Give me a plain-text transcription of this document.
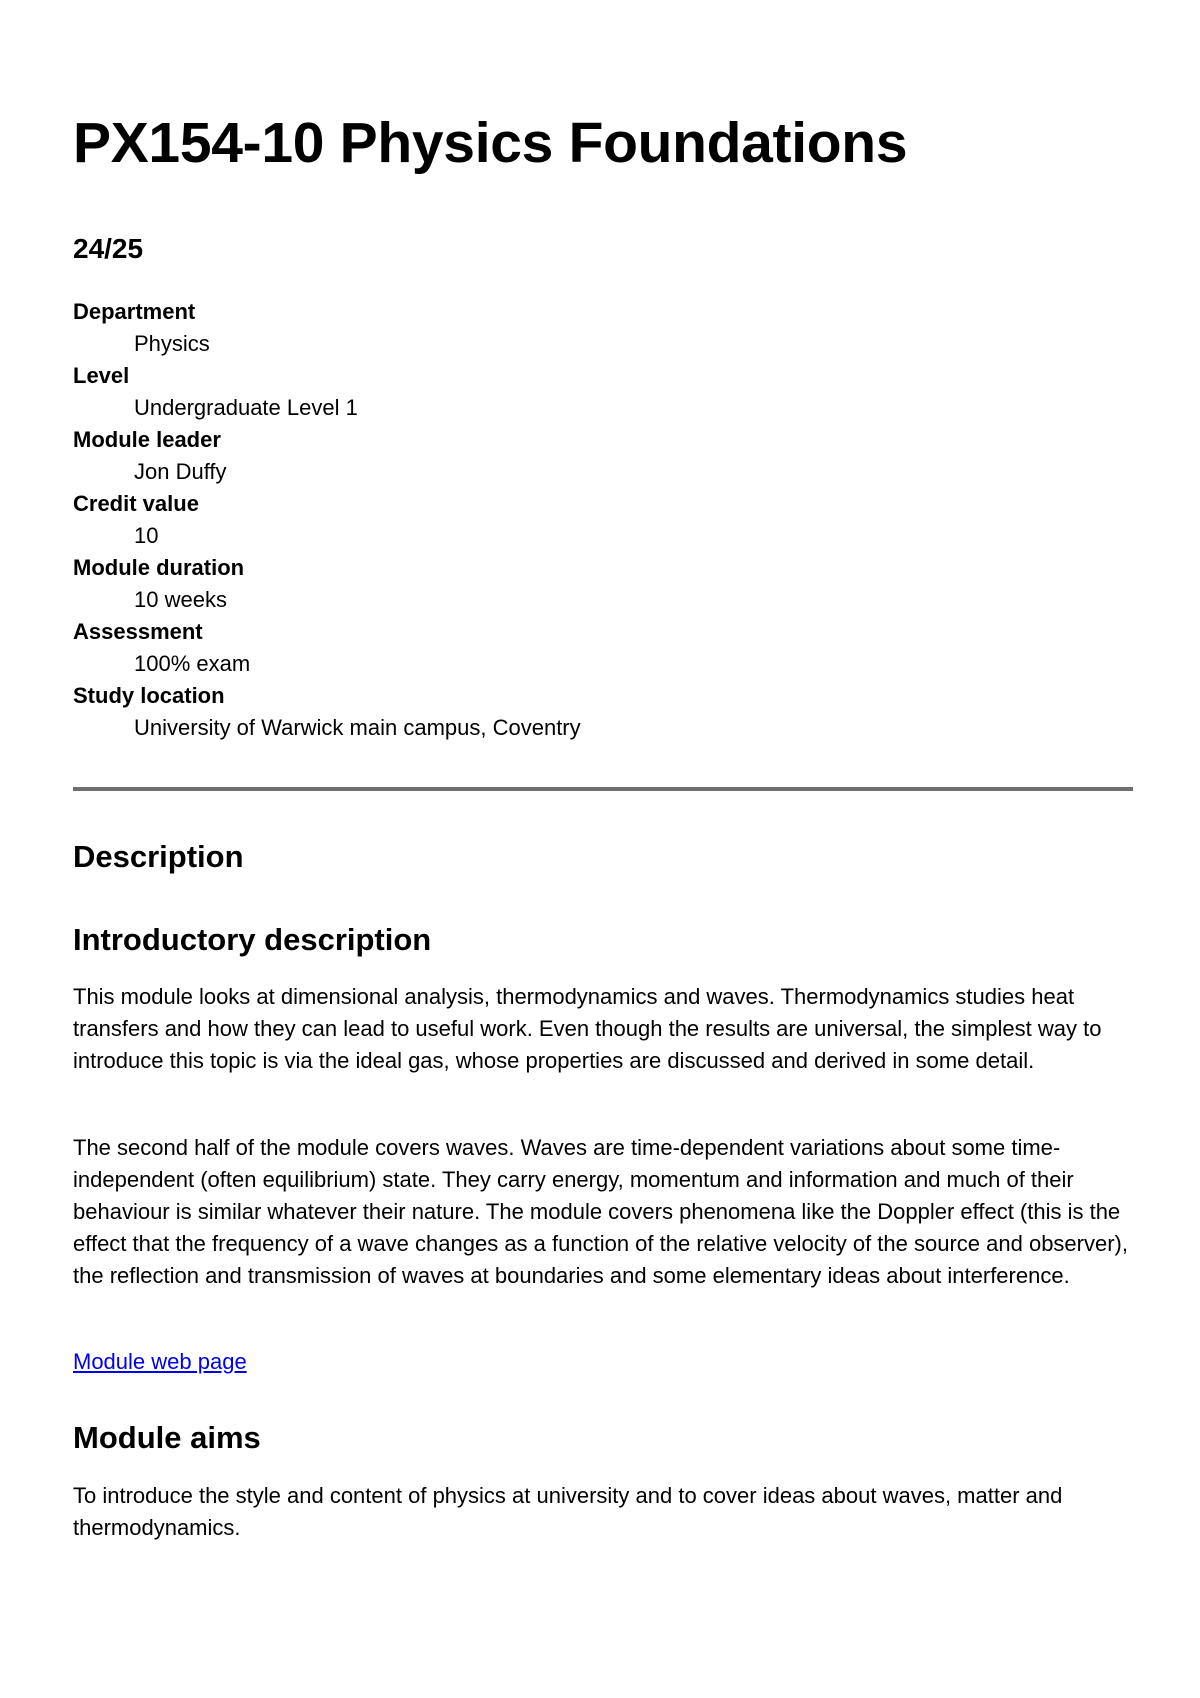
PX154-10 Physics Foundations
24/25
Department
Physics
Level
Undergraduate Level 1
Module leader
Jon Duffy
Credit value
10
Module duration
10 weeks
Assessment
100% exam
Study location
University of Warwick main campus, Coventry
Description
Introductory description

This module looks at dimensional analysis, thermodynamics and waves. Thermodynamics studies heat transfers and how they can lead to useful work. Even though the results are universal, the simplest way to introduce this topic is via the ideal gas, whose properties are discussed and derived in some detail.

The second half of the module covers waves. Waves are time-dependent variations about some time-independent (often equilibrium) state. They carry energy, momentum and information and much of their behaviour is similar whatever their nature. The module covers phenomena like the Doppler effect (this is the effect that the frequency of a wave changes as a function of the relative velocity of the source and observer), the reflection and transmission of waves at boundaries and some elementary ideas about interference.

Module web page
Module aims

To introduce the style and content of physics at university and to cover ideas about waves, matter and thermodynamics.
